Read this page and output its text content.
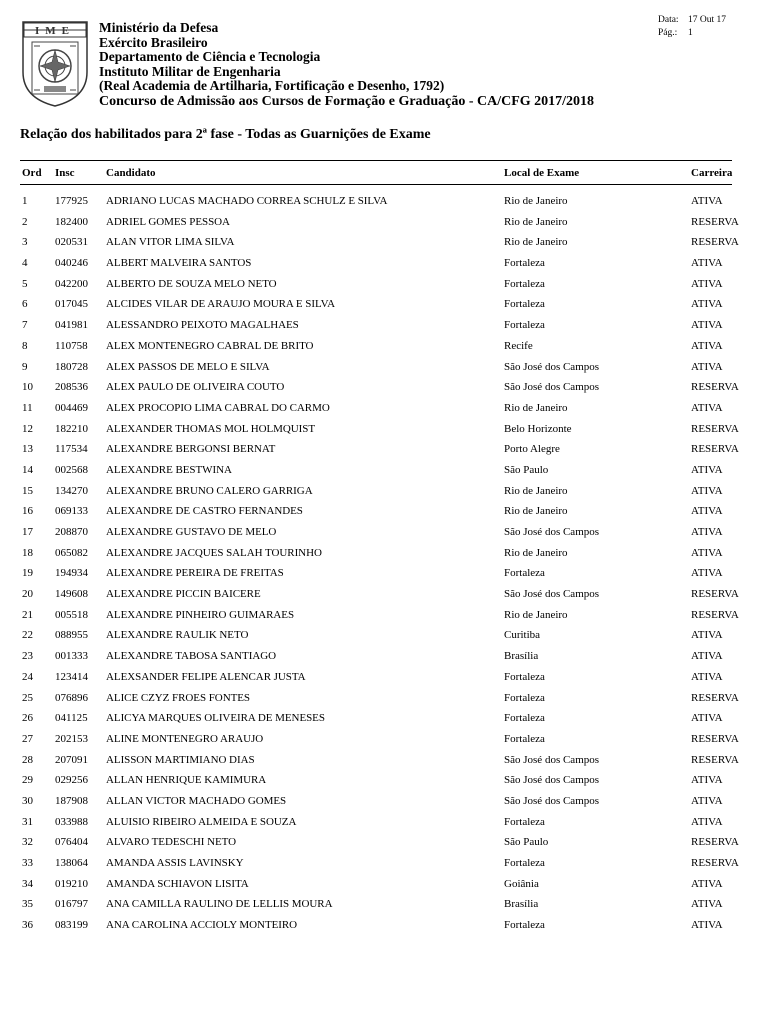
IME Ministério da Defesa
Exército Brasileiro
Departamento de Ciência e Tecnologia
Instituto Militar de Engenharia
(Real Academia de Artilharia, Fortificação e Desenho, 1792)
Concurso de Admissão aos Cursos de Formação e Graduação - CA/CFG 2017/2018
Data: 17 Out 17
Pág.: 1
Relação dos habilitados para 2ª fase - Todas as Guarnições de Exame
Ord Insc	Candidato	Local de Exame	Carreira
1	177925 ADRIANO LUCAS MACHADO CORREA SCHULZ E SILVA	Rio de Janeiro	ATIVA
2	182400 ADRIEL GOMES PESSOA	Rio de Janeiro	RESERVA
3	020531 ALAN VITOR LIMA SILVA	Rio de Janeiro	RESERVA
4	040246 ALBERT MALVEIRA SANTOS	Fortaleza	ATIVA
5	042200 ALBERTO DE SOUZA MELO NETO	Fortaleza	ATIVA
6	017045 ALCIDES VILAR DE ARAUJO MOURA E SILVA	Fortaleza	ATIVA
7	041981 ALESSANDRO PEIXOTO MAGALHAES	Fortaleza	ATIVA
8	110758 ALEX MONTENEGRO CABRAL DE BRITO	Recife	ATIVA
9	180728 ALEX PASSOS DE MELO E SILVA	São José dos Campos	ATIVA
10 208536 ALEX PAULO DE OLIVEIRA COUTO	São José dos Campos	RESERVA
11 004469 ALEX PROCOPIO LIMA CABRAL DO CARMO	Rio de Janeiro	ATIVA
12 182210 ALEXANDER THOMAS MOL HOLMQUIST	Belo Horizonte	RESERVA
13 117534 ALEXANDRE BERGONSI BERNAT	Porto Alegre	RESERVA
14 002568 ALEXANDRE BESTWINA	São Paulo	ATIVA
15 134270 ALEXANDRE BRUNO CALERO GARRIGA	Rio de Janeiro	ATIVA
16 069133 ALEXANDRE DE CASTRO FERNANDES	Rio de Janeiro	ATIVA
17 208870 ALEXANDRE GUSTAVO DE MELO	São José dos Campos	ATIVA
18 065082 ALEXANDRE JACQUES SALAH TOURINHO	Rio de Janeiro	ATIVA
19 194934 ALEXANDRE PEREIRA DE FREITAS	Fortaleza	ATIVA
20 149608 ALEXANDRE PICCIN BAICERE	São José dos Campos	RESERVA
21 005518 ALEXANDRE PINHEIRO GUIMARAES	Rio de Janeiro	RESERVA
22 088955 ALEXANDRE RAULIK NETO	Curitiba	ATIVA
23 001333 ALEXANDRE TABOSA SANTIAGO	Brasília	ATIVA
24 123414 ALEXSANDER FELIPE ALENCAR JUSTA	Fortaleza	ATIVA
25 076896 ALICE CZYZ FROES FONTES	Fortaleza	RESERVA
26 041125 ALICYA MARQUES OLIVEIRA DE MENESES	Fortaleza	ATIVA
27 202153 ALINE MONTENEGRO ARAUJO	Fortaleza	RESERVA
28 207091 ALISSON MARTIMIANO DIAS	São José dos Campos	RESERVA
29 029256 ALLAN HENRIQUE KAMIMURA	São José dos Campos	ATIVA
30 187908 ALLAN VICTOR MACHADO GOMES	São José dos Campos	ATIVA
31 033988 ALUISIO RIBEIRO ALMEIDA E SOUZA	Fortaleza	ATIVA
32 076404 ALVARO TEDESCHI NETO	São Paulo	RESERVA
33 138064 AMANDA ASSIS LAVINSKY	Fortaleza	RESERVA
34 019210 AMANDA SCHIAVON LISITA	Goiânia	ATIVA
35 016797 ANA CAMILLA RAULINO DE LELLIS MOURA	Brasília	ATIVA
36 083199 ANA CAROLINA ACCIOLY MONTEIRO	Fortaleza	ATIVA
